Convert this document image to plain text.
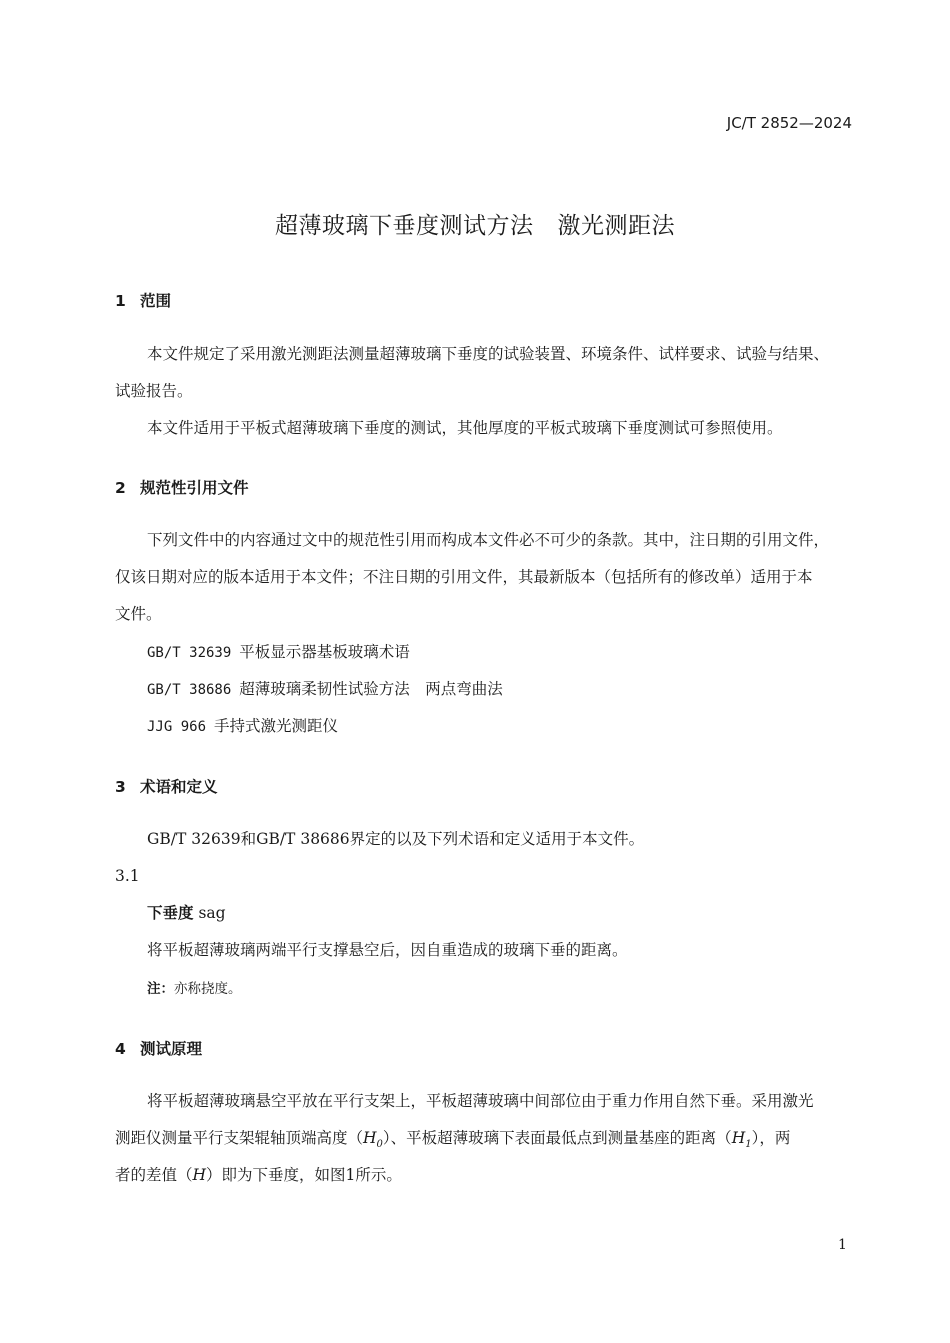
JC/T 2852—2024
超薄玻璃下垂度测试方法 激光测距法
1 范围
本文件规定了采用激光测距法测量超薄玻璃下垂度的试验装置、环境条件、试样要求、试验与结果、
试验报告。
本文件适用于平板式超薄玻璃下垂度的测试，其他厚度的平板式玻璃下垂度测试可参照使用。
2 规范性引用文件
下列文件中的内容通过文中的规范性引用而构成本文件必不可少的条款。其中，注日期的引用文件，
仅该日期对应的版本适用于本文件；不注日期的引用文件，其最新版本（包括所有的修改单）适用于本
文件。
GB/T 32639 平板显示器基板玻璃术语
GB/T 38686 超薄玻璃柔韧性试验方法　两点弯曲法
JJG 966 手持式激光测距仪
3 术语和定义
GB/T 32639和GB/T 38686界定的以及下列术语和定义适用于本文件。
3.1
下垂度 sag
将平板超薄玻璃两端平行支撑悬空后，因自重造成的玻璃下垂的距离。
注：亦称挠度。
4 测试原理
将平板超薄玻璃悬空平放在平行支架上，平板超薄玻璃中间部位由于重力作用自然下垂。采用激光
测距仪测量平行支架辊轴顶端高度$(H_0)$、平板超薄玻璃下表面最低点到测量基座的距离$(H_1)$，两
者的差值（H）即为下垂度，如图1所示。
1
